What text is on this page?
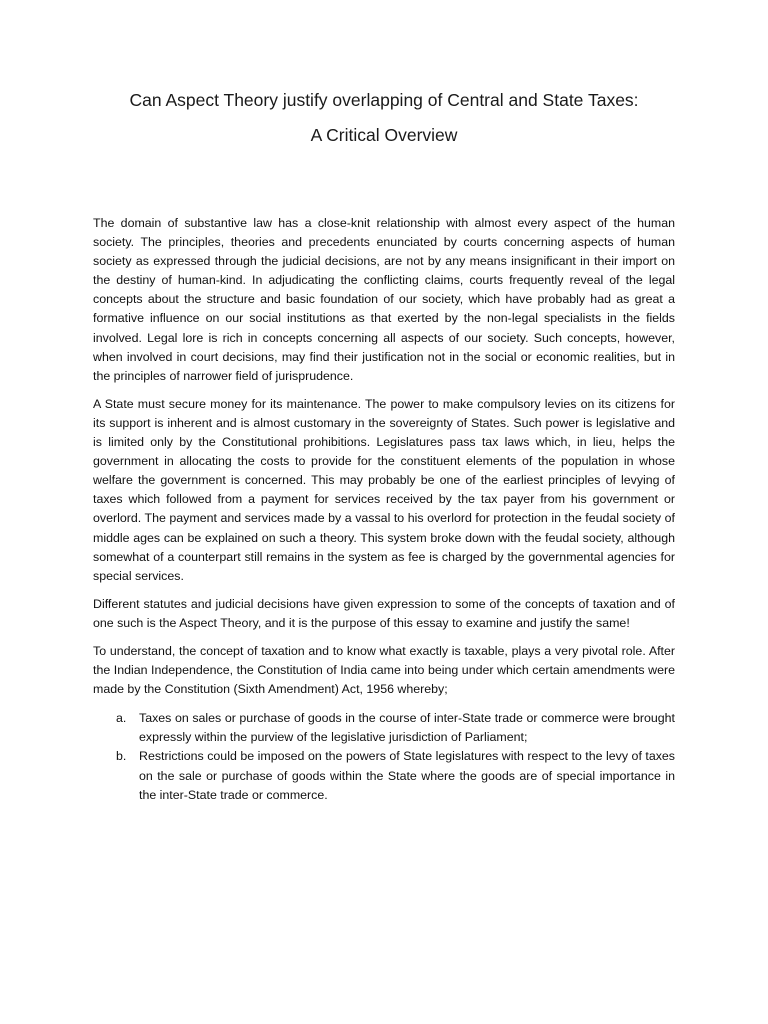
Can Aspect Theory justify overlapping of Central and State Taxes:
A Critical Overview

The domain of substantive law has a close-knit relationship with almost every aspect of the human society. The principles, theories and precedents enunciated by courts concerning aspects of human society as expressed through the judicial decisions, are not by any means insignificant in their import on the destiny of human-kind. In adjudicating the conflicting claims, courts frequently reveal of the legal concepts about the structure and basic foundation of our society, which have probably had as great a formative influence on our social institutions as that exerted by the non-legal specialists in the fields involved. Legal lore is rich in concepts concerning all aspects of our society. Such concepts, however, when involved in court decisions, may find their justification not in the social or economic realities, but in the principles of narrower field of jurisprudence.

A State must secure money for its maintenance. The power to make compulsory levies on its citizens for its support is inherent and is almost customary in the sovereignty of States. Such power is legislative and is limited only by the Constitutional prohibitions. Legislatures pass tax laws which, in lieu, helps the government in allocating the costs to provide for the constituent elements of the population in whose welfare the government is concerned. This may probably be one of the earliest principles of levying of taxes which followed from a payment for services received by the tax payer from his government or overlord. The payment and services made by a vassal to his overlord for protection in the feudal society of middle ages can be explained on such a theory. This system broke down with the feudal society, although somewhat of a counterpart still remains in the system as fee is charged by the governmental agencies for special services.

Different statutes and judicial decisions have given expression to some of the concepts of taxation and of one such is the Aspect Theory, and it is the purpose of this essay to examine and justify the same!

To understand, the concept of taxation and to know what exactly is taxable, plays a very pivotal role. After the Indian Independence, the Constitution of India came into being under which certain amendments were made by the Constitution (Sixth Amendment) Act, 1956 whereby;

a. Taxes on sales or purchase of goods in the course of inter-State trade or commerce were brought expressly within the purview of the legislative jurisdiction of Parliament;
b. Restrictions could be imposed on the powers of State legislatures with respect to the levy of taxes on the sale or purchase of goods within the State where the goods are of special importance in the inter-State trade or commerce.
